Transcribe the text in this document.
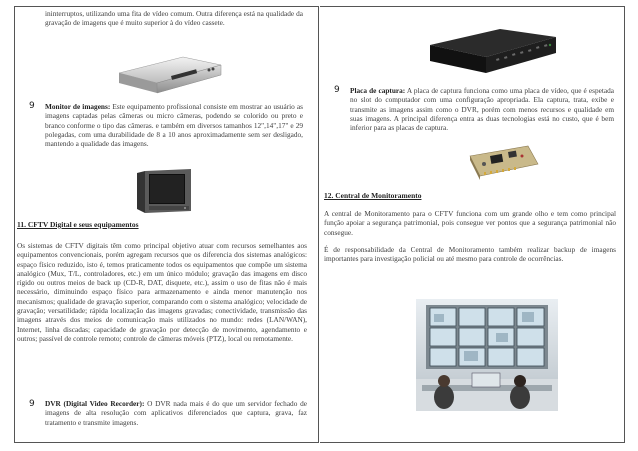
ininterruptos, utilizando uma fita de vídeo comum. Outra diferença está na qualidade da gravação de imagens que é muito superior à do vídeo cassete.
9 Monitor de imagens: Este equipamento profissional consiste em mostrar ao usuário as imagens captadas pelas câmeras ou micro câmeras, podendo se colorido ou preto e branco conforme o tipo das câmeras. e também em diversos tamanhos 12",14",17" e 29 polegadas, com uma durabilidade de 8 a 10 anos aproximadamente sem ser desligado, mantendo a qualidade das imagens.
11. CFTV Digital e seus equipamentos
Os sistemas de CFTV digitais têm como principal objetivo atuar com recursos semelhantes aos equipamentos convencionais, porém agregam recursos que os diferencia dos sistemas analógicos: espaço físico reduzido, isto é, temos praticamente todos os equipamentos que compõe um sistema analógico (Mux, T/L, controladores, etc.) em um único módulo; gravação das imagens em disco rígido ou outros meios de back up (CD-R, DAT, disquete, etc.), assim o uso de fitas não é mais necessário, diminuindo espaço físico para armazenamento e ainda menor manutenção nos mecanismos; qualidade de gravação superior, comparando com o sistema analógico; velocidade de gravação; versatilidade; rápida localização das imagens gravadas; conectividade, transmissão das imagens através dos meios de comunicação mais utilizados no mundo: redes (LAN/WAN), Internet, linha discadas; capacidade de gravação por detecção de movimento, agendamento e outros; passível de controle remoto; controle de câmeras móveis (PTZ), local ou remotamente.
9 DVR (Digital Video Recorder): O DVR nada mais é do que um servidor fechado de imagens de alta resolução com aplicativos diferenciados que captura, grava, faz tratamento e transmite imagens.
9 Placa de captura: A placa de captura funciona como uma placa de vídeo, que é espetada no slot do computador com uma configuração apropriada. Ela captura, trata, exibe e transmite as imagens assim como o DVR, porém com menos recursos e qualidade em suas imagens. A principal diferença entra as duas tecnologias está no custo, que é bem inferior para as placas de captura.
12. Central de Monitoramento
A central de Monitoramento para o CFTV funciona com um grande olho e tem como principal função apoiar a segurança patrimonial, pois consegue ver pontos que a segurança patrimonial não consegue.
É de responsabilidade da Central de Monitoramento também realizar backup de imagens importantes para investigação policial ou até mesmo para controle de ocorrências.
